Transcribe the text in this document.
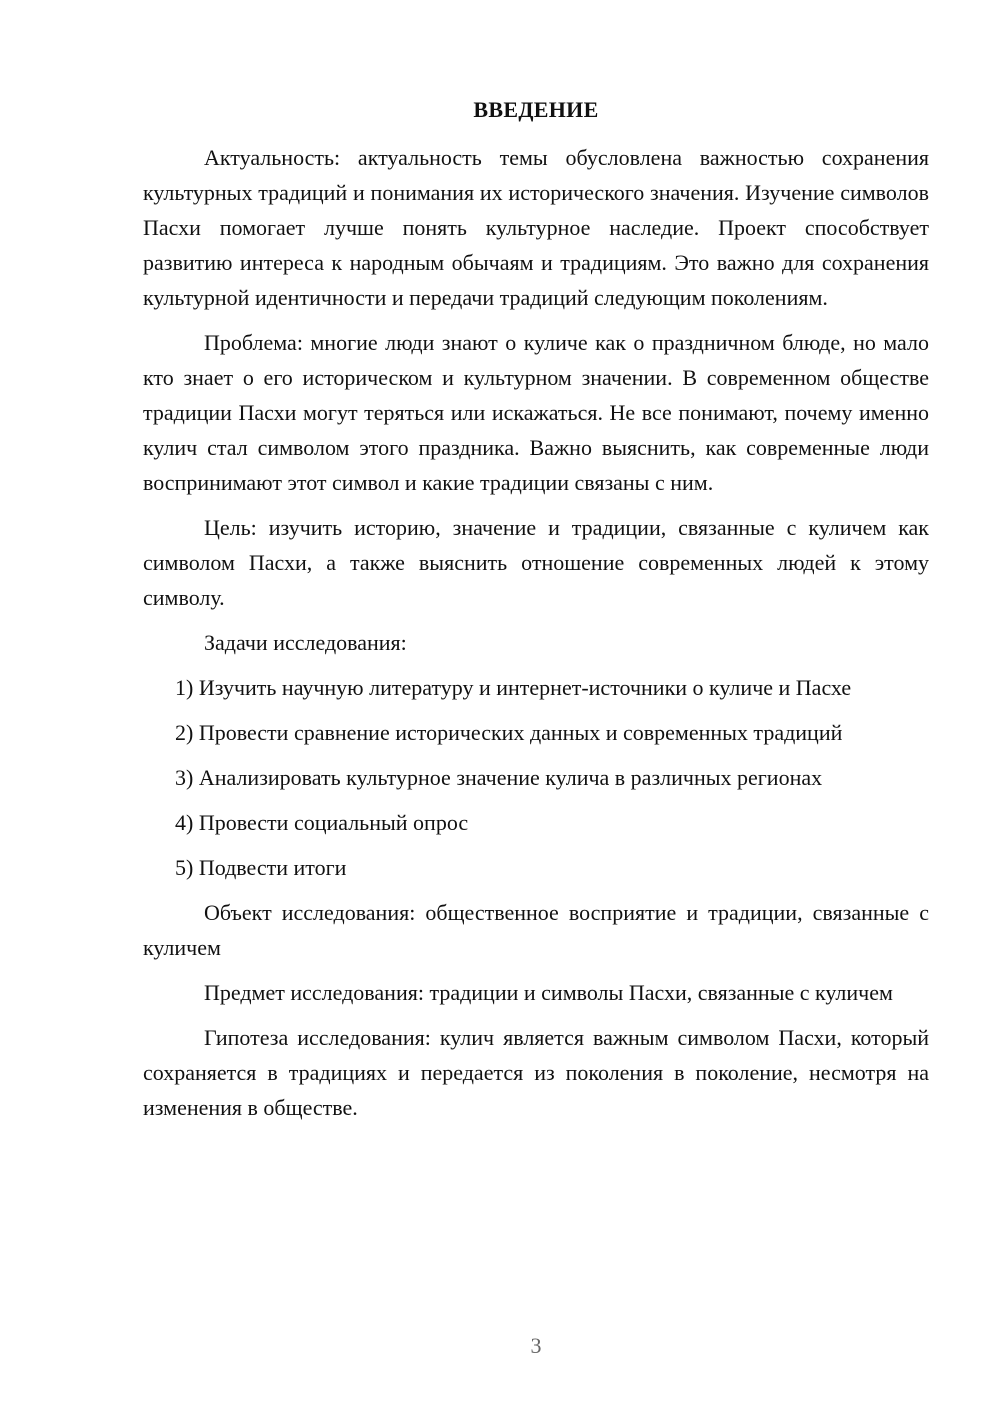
ВВЕДЕНИЕ

Актуальность: актуальность темы обусловлена важностью сохранения культурных традиций и понимания их исторического значения. Изучение символов Пасхи помогает лучше понять культурное наследие. Проект способствует развитию интереса к народным обычаям и традициям. Это важно для сохранения культурной идентичности и передачи традиций следующим поколениям.

Проблема: многие люди знают о куличе как о праздничном блюде, но мало кто знает о его историческом и культурном значении. В современном обществе традиции Пасхи могут теряться или искажаться. Не все понимают, почему именно кулич стал символом этого праздника. Важно выяснить, как современные люди воспринимают этот символ и какие традиции связаны с ним.

Цель: изучить историю, значение и традиции, связанные с куличем как символом Пасхи, а также выяснить отношение современных людей к этому символу.

Задачи исследования:

1) Изучить научную литературу и интернет-источники о куличе и Пасхе

2) Провести сравнение исторических данных и современных традиций

3) Анализировать культурное значение кулича в различных регионах

4) Провести социальный опрос

5) Подвести итоги

Объект исследования: общественное восприятие и традиции, связанные с куличем

Предмет исследования: традиции и символы Пасхи, связанные с куличем

Гипотеза исследования: кулич является важным символом Пасхи, который сохраняется в традициях и передается из поколения в поколение, несмотря на изменения в обществе.

3
